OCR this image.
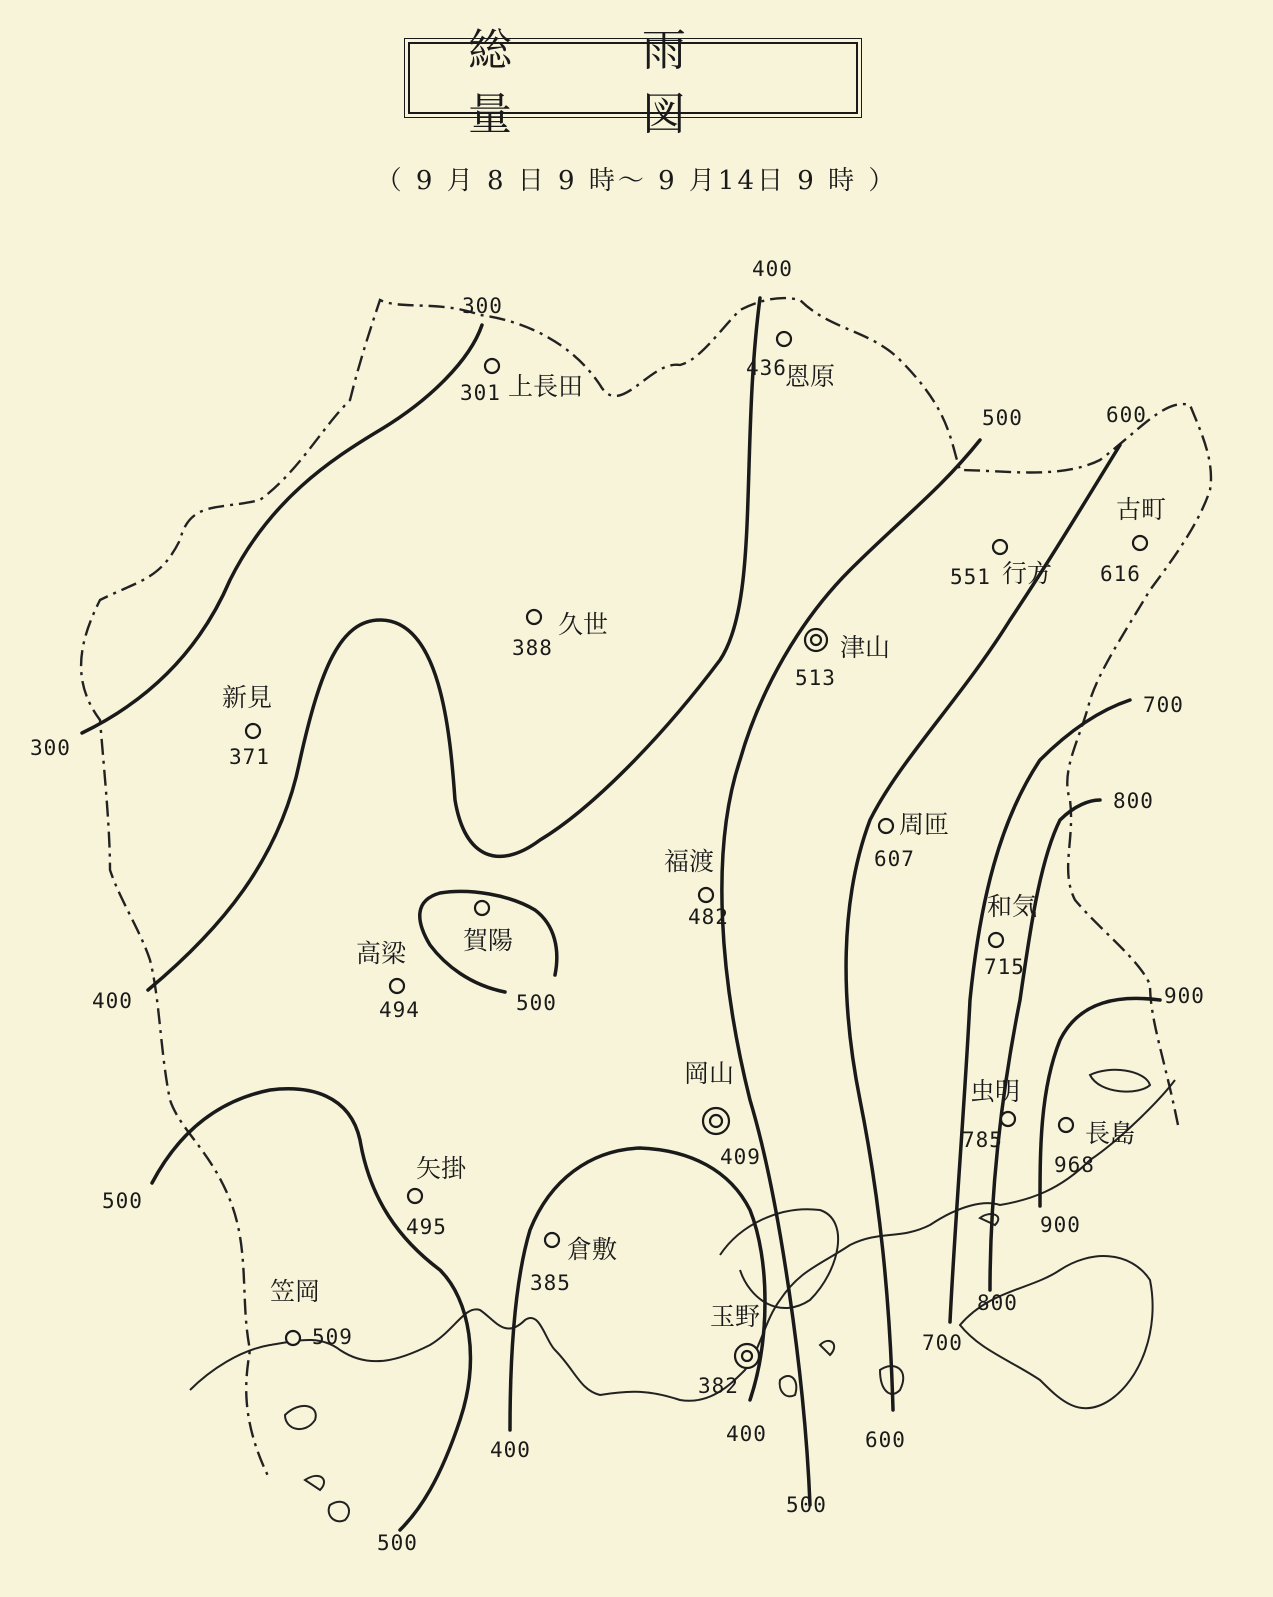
総 雨 量 図
（ 9 月 8 日 9 時～ 9 月14日 9 時 ）
300
300
400
400
500	600
700
800
900
500
500
400
400
500
500
600
700
800
900
301 上長田
436
恩原
388
久世
371
新見
513
津山
551 行方 616
古町
607
周匝
482
福渡
賀陽
494
高梁	715
和気
409
岡山
785
虫明
968
長島
495
矢掛
385
倉敷
509
笠岡
382
玉野
